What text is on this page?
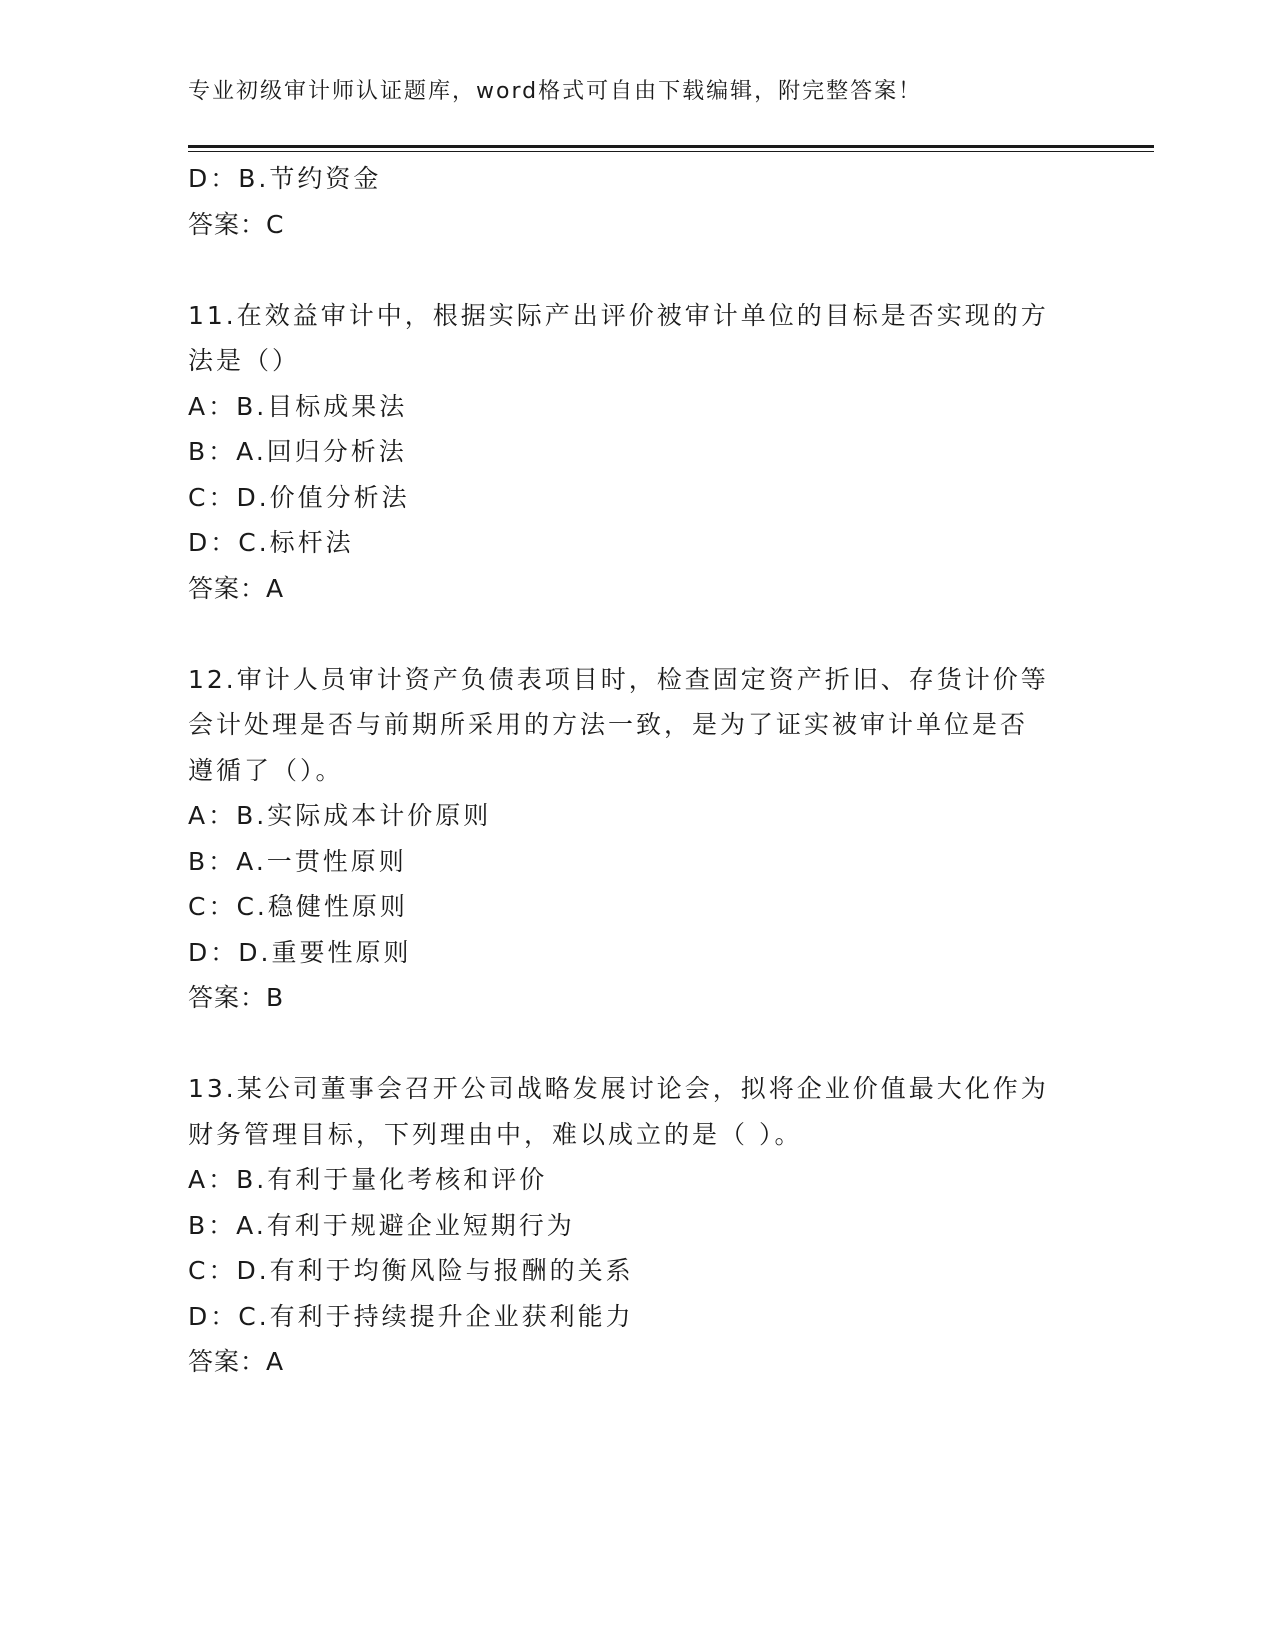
专业初级审计师认证题库，word格式可自由下载编辑，附完整答案！
D：B.节约资金
答案：C
11.在效益审计中，根据实际产出评价被审计单位的目标是否实现的方
法是（）
A：B.目标成果法
B：A.回归分析法
C：D.价值分析法
D：C.标杆法
答案：A
12.审计人员审计资产负债表项目时，检查固定资产折旧、存货计价等
会计处理是否与前期所采用的方法一致，是为了证实被审计单位是否
遵循了（）。
A：B.实际成本计价原则
B：A.一贯性原则
C：C.稳健性原则
D：D.重要性原则
答案：B
13.某公司董事会召开公司战略发展讨论会，拟将企业价值最大化作为
财务管理目标，下列理由中，难以成立的是（ ）。
A：B.有利于量化考核和评价
B：A.有利于规避企业短期行为
C：D.有利于均衡风险与报酬的关系
D：C.有利于持续提升企业获利能力
答案：A
